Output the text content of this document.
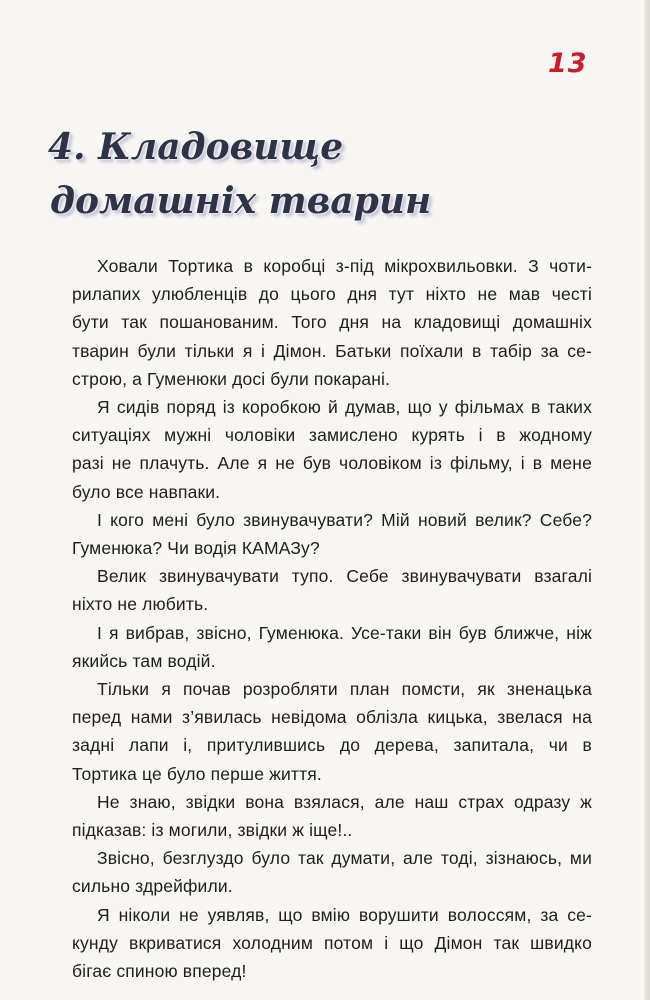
13
4. Кладовище
домашніх тварин

Ховали Тортика в коробці з-під мікрохвильовки. З чоти-
рилапих улюбленців до цього дня тут ніхто не мав честі
бути так пошанованим. Того дня на кладовищі домашніх
тварин були тільки я і Дімон. Батьки поїхали в табір за се-
строю, а Гуменюки досі були покарані.

Я сидів поряд із коробкою й думав, що у фільмах в таких
ситуаціях мужні чоловіки замислено курять і в жодному
разі не плачуть. Але я не був чоловіком із фільму, і в мене
було все навпаки.

І кого мені було звинувачувати? Мій новий велик? Себе?
Гуменюка? Чи водія КАМАЗу?

Велик звинувачувати тупо. Себе звинувачувати взагалі
ніхто не любить.

І я вибрав, звісно, Гуменюка. Усе-таки він був ближче, ніж
якийсь там водій.

Тільки я почав розробляти план помсти, як зненацька
перед нами з’явилась невідома облізла кицька, звелася на
задні лапи і, притулившись до дерева, запитала, чи в
Тортика це було перше життя.

Не знаю, звідки вона взялася, але наш страх одразу ж
підказав: із могили, звідки ж іще!..

Звісно, безглуздо було так думати, але тоді, зізнаюсь, ми
сильно здрейфили.

Я ніколи не уявляв, що вмію ворушити волоссям, за се-
кунду вкриватися холодним потом і що Дімон так швидко
бігає спиною вперед!
